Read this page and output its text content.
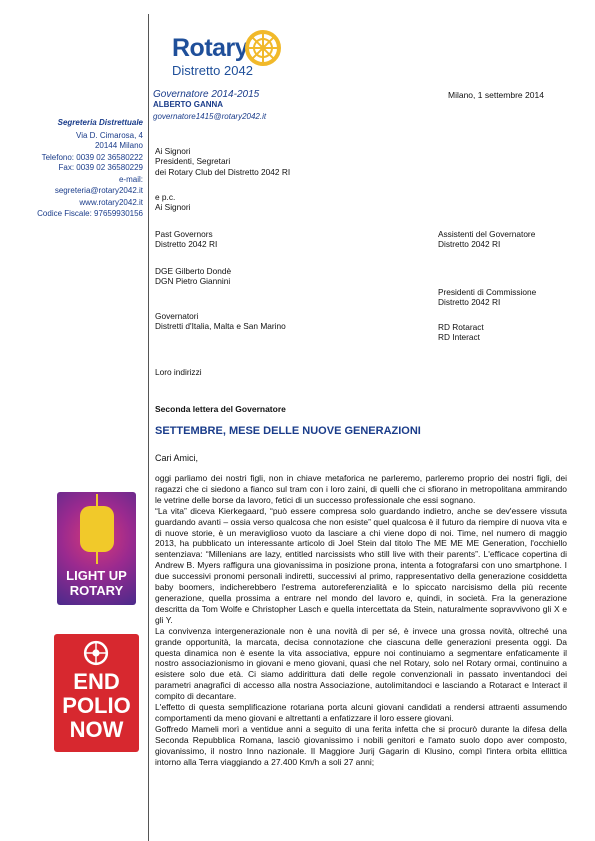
Rotary
Distretto 2042
Governatore 2014-2015
ALBERTO GANNA
governatore1415@rotary2042.it
Milano, 1 settembre 2014
Segreteria Distrettuale
Via D. Cimarosa, 4
20144 Milano
Telefono: 0039 02 36580222
Fax: 0039 02 36580229
e-mail:
segreteria@rotary2042.it
www.rotary2042.it
Codice Fiscale: 97659930156
Ai Signori
Presidenti, Segretari
dei Rotary Club del Distretto 2042 RI
e p.c.
Ai Signori
Past Governors
Distretto 2042 RI
Assistenti del Governatore
Distretto 2042 RI
DGE Gilberto Dondè
DGN Pietro Giannini
Presidenti di Commissione
Distretto 2042 RI
Governatori
Distretti d'Italia, Malta e San Marino	RD Rotaract
RD Interact
Loro indirizzi
Seconda lettera del Governatore
SETTEMBRE, MESE DELLE NUOVE GENERAZIONI
Cari Amici,

oggi parliamo dei nostri figli, non in chiave metaforica ne parleremo, parleremo proprio dei nostri figli, dei ragazzi che ci siedono a fianco sul tram con i loro zaini, di quelli che ci sfiorano in metropolitana ammirando le vetrine delle borse da lavoro, fetici di un successo professionale che essi sognano.

“La vita” diceva Kierkegaard, “può essere compresa solo guardando indietro, anche se dev'essere vissuta guardando avanti – ossia verso qualcosa che non esiste” quel qualcosa è il futuro da riempire di nuova vita e di nuove storie, è un meraviglioso vuoto da lasciare a chi viene dopo di noi. Time, nel numero di maggio 2013, ha pubblicato un interessante articolo di Joel Stein dal titolo The ME ME ME Generation, l'occhiello sentenziava: “Millenians are lazy, entitled narcissists who still live with their parents”. L'efficace copertina di Andrew B. Myers raffigura una giovanissima in posizione prona, intenta a fotografarsi con uno smartphone. I due successivi pronomi personali indiretti, successivi al primo, rappresentativo della generazione cosiddetta baby boomers, indicherebbero l'estrema autoreferenzialità e lo spiccato narcisismo della più recente generazione, quella prossima a entrare nel mondo del lavoro e, quindi, in società. Fra la generazione descritta da Tom Wolfe e Christopher Lasch e quella intercettata da Stein, naturalmente sopravvivono gli X e gli Y.

La convivenza intergenerazionale non è una novità di per sé, è invece una grossa novità, oltreché una grande opportunità, la marcata, decisa connotazione che ciascuna delle generazioni presenta oggi. Da questa dinamica non è esente la vita associativa, eppure noi continuiamo a segmentare enfaticamente il nostro associazionismo in giovani e meno giovani, quasi che nel Rotary, solo nel Rotary ormai, continuino a esistere solo due età. Ci siamo addirittura dati delle regole convenzionali in passato inventandoci dei parametri anagrafici di accesso alla nostra Associazione, autolimitandoci e lasciando a Rotaract e Interact il compito di decantare.

L'effetto di questa semplificazione rotariana porta alcuni giovani candidati a rendersi attraenti assumendo comportamenti da meno giovani e altrettanti a enfatizzare il loro essere giovani.

Goffredo Mameli morì a ventidue anni a seguito di una ferita infetta che si procurò durante la difesa della Seconda Repubblica Romana, lasciò giovanissimo i nobili genitori e l'amato suolo dopo aver composto, giovanissimo, il nostro Inno nazionale. Il Maggiore Jurij Gagarin di Klusino, compì l'intera orbita ellittica intorno alla Terra viaggiando a 27.400 Km/h a soli 27 anni;

LIGHT UP
ROTARY
END
POLIO
NOW
